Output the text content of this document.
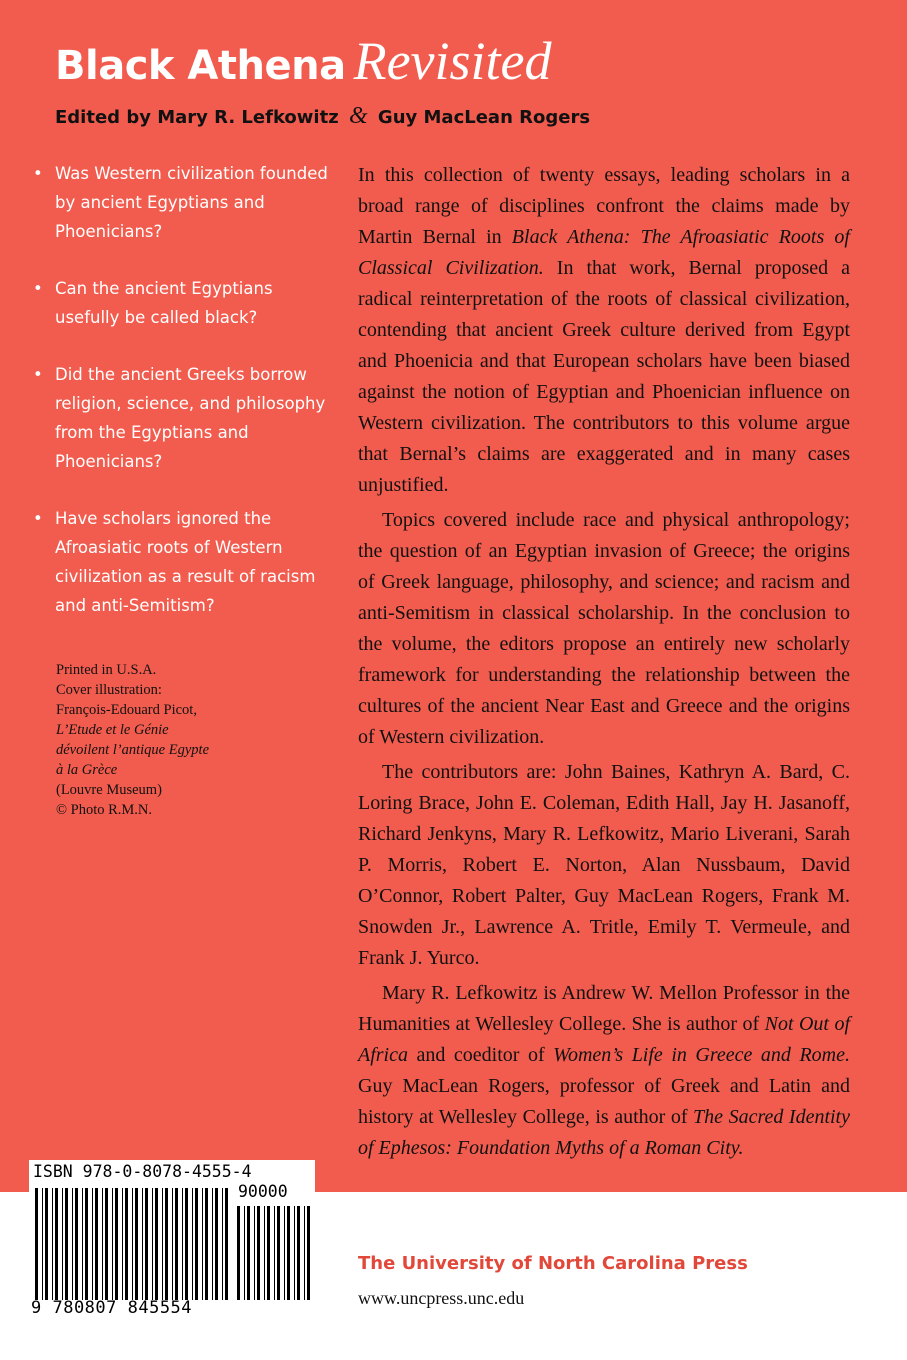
Black Athena Revisited
Edited by Mary R. Lefkowitz & Guy MacLean Rogers
• Was Western civilization founded by ancient Egyptians and Phoenicians?
• Can the ancient Egyptians usefully be called black?
• Did the ancient Greeks borrow religion, science, and philosophy from the Egyptians and Phoenicians?
• Have scholars ignored the Afroasiatic roots of Western civilization as a result of racism and anti-Semitism?
Printed in U.S.A.
Cover illustration:
François-Edouard Picot,
L’Etude et le Génie
dévoilent l’antique Egypte
à la Grèce
(Louvre Museum)
© Photo R.M.N.

In this collection of twenty essays, leading scholars in a broad range of disciplines confront the claims made by Martin Bernal in Black Athena: The Afroasiatic Roots of Classical Civilization. In that work, Bernal proposed a radical reinterpretation of the roots of classical civilization, contending that ancient Greek culture derived from Egypt and Phoenicia and that European scholars have been biased against the notion of Egyptian and Phoenician influence on Western civilization. The contributors to this volume argue that Bernal’s claims are exaggerated and in many cases unjustified.

Topics covered include race and physical anthropology; the question of an Egyptian invasion of Greece; the origins of Greek language, philosophy, and science; and racism and anti-Semitism in classical scholarship. In the conclusion to the volume, the editors propose an entirely new scholarly framework for understanding the relationship between the cultures of the ancient Near East and Greece and the origins of Western civilization.

The contributors are: John Baines, Kathryn A. Bard, C. Loring Brace, John E. Coleman, Edith Hall, Jay H. Jasanoff, Richard Jenkyns, Mary R. Lefkowitz, Mario Liverani, Sarah P. Morris, Robert E. Norton, Alan Nussbaum, David O’Connor, Robert Palter, Guy MacLean Rogers, Frank M. Snowden Jr., Lawrence A. Tritle, Emily T. Vermeule, and Frank J. Yurco.

Mary R. Lefkowitz is Andrew W. Mellon Professor in the Humanities at Wellesley College. She is author of Not Out of Africa and coeditor of Women’s Life in Greece and Rome. Guy MacLean Rogers, professor of Greek and Latin and history at Wellesley College, is author of The Sacred Identity of Ephesos: Foundation Myths of a Roman City.

ISBN 978-0-8078-4555-4
90000
9 780807 845554
The University of North Carolina Press
www.uncpress.unc.edu
